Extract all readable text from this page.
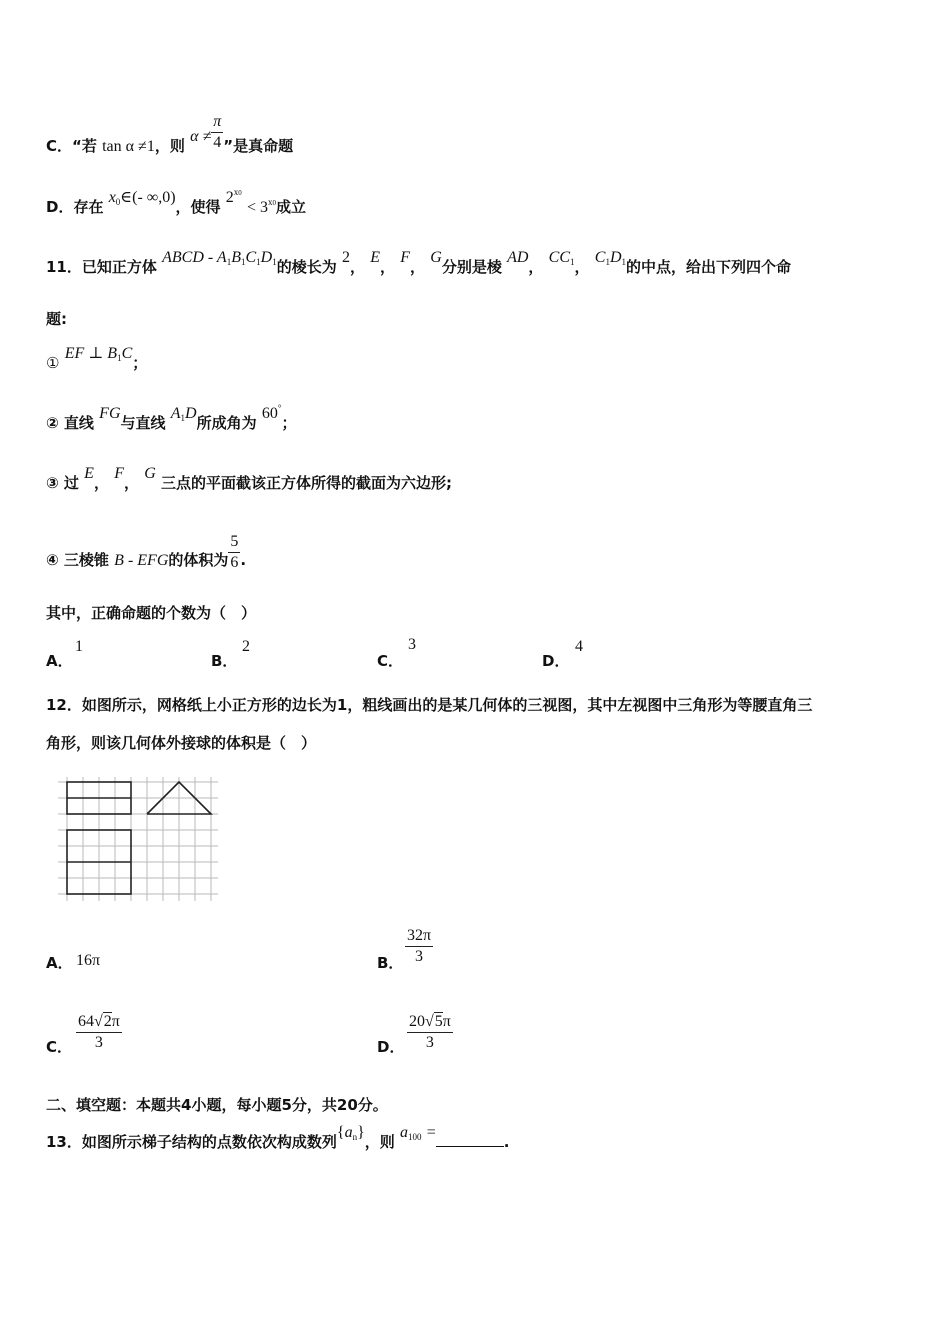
C．“若 tan α ≠1，则 $\alpha \ne \frac{\pi}{4}$ ”是真命题
D．存在 x0∈(- ∞,0)，使得 $2^{x0} < 3^{x0}$成立
11．已知正方体 ABCD - A1B1C1D1的棱长为 2， E， F， G分别是棱 AD， CC1， C1D1的中点，给出下列四个命
题:
① EF ⊥ B1C；
② 直线 FG与直线 A1D所成角为 60°；
③ 过 E， F， G 三点的平面截该正方体所得的截面为六边形;
④ 三棱锥 B - EFG的体积为 $\frac{5}{6}$ .
其中，正确命题的个数为（　）
A．
1
B．
2
C．
3
D．
4
12．如图所示，网格纸上小正方形的边长为1，粗线画出的是某几何体的三视图，其中左视图中三角形为等腰直角三
角形，则该几何体外接球的体积是（　）
A． 16π	B． $\frac{32\pi}{3}$
C． $\frac{64√2\pi}{3}$	D． $\frac{20√5\pi}{3}$
二、填空题：本题共4小题，每小题5分，共20分。
13．如图所示梯子结构的点数依次构成数列{an}，则 a100 =.
